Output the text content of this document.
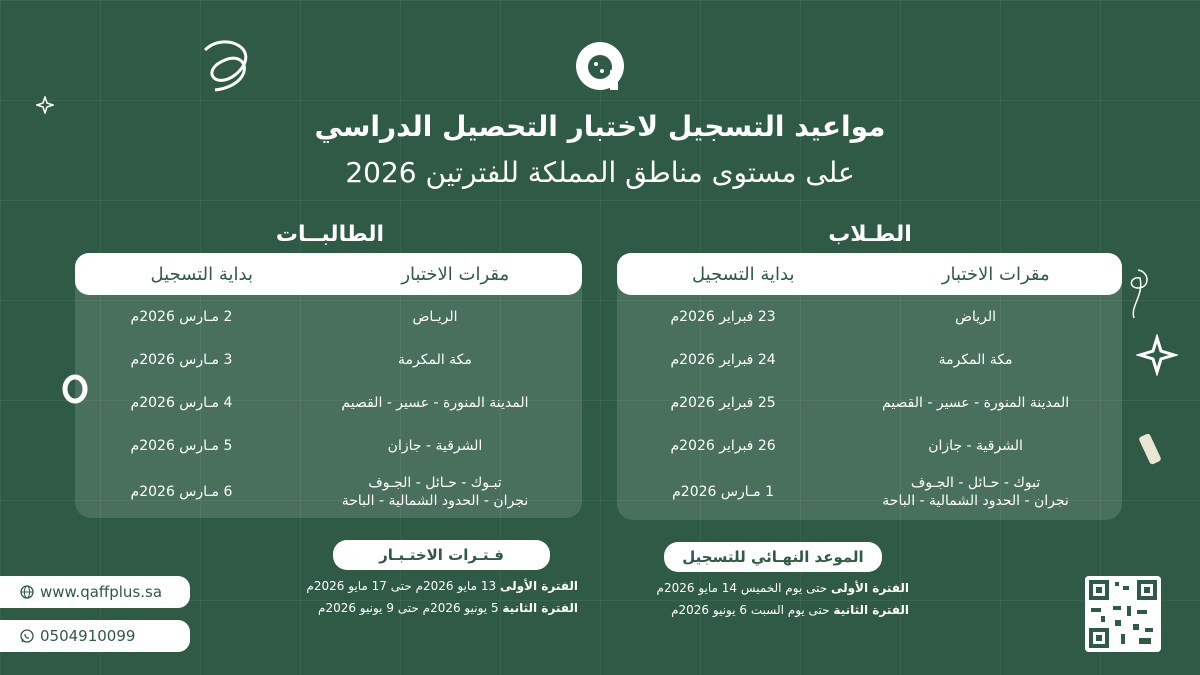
مواعيد التسجيل لاختبار التحصيل الدراسي
على مستوى مناطق المملكة للفترتين 2026
الطالبــات
مقرات الاختبار
بداية التسجيل
الريـاض
2 مـارس 2026م
مكة المكرمة
3 مـارس 2026م
المدينة المنورة - عسير - القصيم
4 مـارس 2026م
الشرقية - جازان
5 مـارس 2026م
تبـوك - حـائل - الجـوف
نجران - الحدود الشمالية - الباحة
6 مـارس 2026م
الطـلاب
مقرات الاختبار
بداية التسجيل
الرياض
23 فبراير 2026م
مكة المكرمة
24 فبراير 2026م
المدينة المنورة - عسير - القصيم
25 فبراير 2026م
الشرقية - جازان
26 فبراير 2026م
تبوك - حـائل - الجـوف
نجران - الحدود الشمالية - الباحة
1 مـارس 2026م
فـتـرات الاختـبـار
الفترة الأولى 13 مايو 2026م حتى 17 مايو 2026م
الفترة الثانية 5 يونيو 2026م حتى 9 يونيو 2026م
الموعد النهـائي للتسجيل
الفترة الأولى حتى يوم الخميس 14 مايو 2026م
الفترة الثانية حتى يوم السبت 6 يونيو 2026م
www.qaffplus.sa
0504910099
